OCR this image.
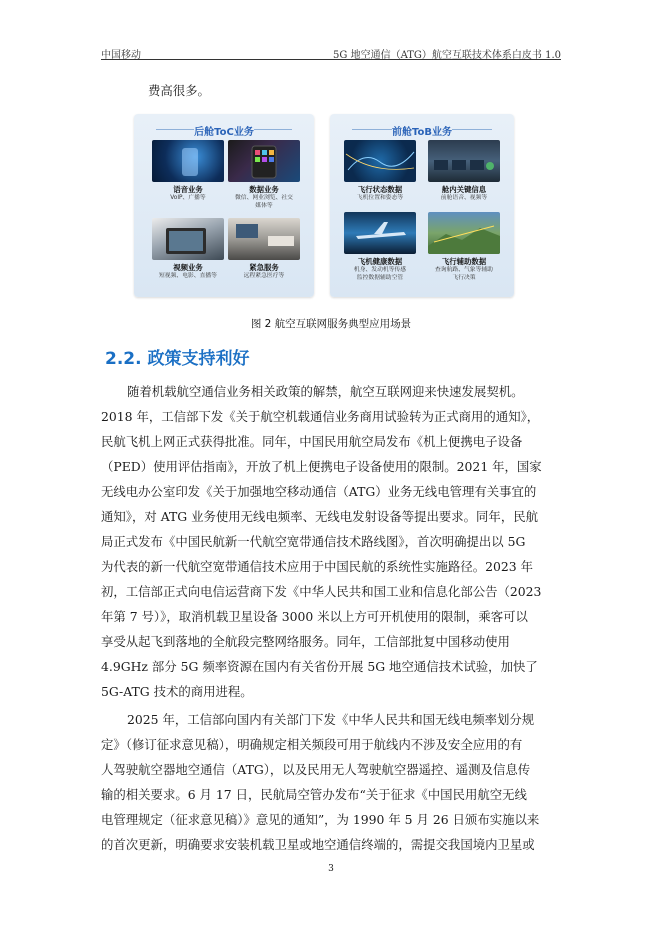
中国移动	5G 地空通信（ATG）航空互联技术体系白皮书 1.0
费高很多。
后舱ToC业务
语音业务
VoIP、广播等
数据业务
微信、网业浏览、社交
媒体等
视频业务
短视频、电影、直播等
紧急服务
远程紧急医疗等
前舱ToB业务
飞行状态数据
飞机位置和姿态等
舱内关键信息
前舱语音、视频等
飞机健康数据
机身、发动机等传感
监控数据辅助空管
飞行辅助数据
查询航路、气象等辅助
飞行决策
图 2 航空互联网服务典型应用场景
2.2. 政策支持利好
随着机载航空通信业务相关政策的解禁，航空互联网迎来快速发展契机。
2018 年，工信部下发《关于航空机载通信业务商用试验转为正式商用的通知》，
民航飞机上网正式获得批准。同年，中国民用航空局发布《机上便携电子设备
（PED）使用评估指南》，开放了机上便携电子设备使用的限制。2021 年，国家
无线电办公室印发《关于加强地空移动通信（ATG）业务无线电管理有关事宜的
通知》，对 ATG 业务使用无线电频率、无线电发射设备等提出要求。同年，民航
局正式发布《中国民航新一代航空宽带通信技术路线图》，首次明确提出以 5G
为代表的新一代航空宽带通信技术应用于中国民航的系统性实施路径。2023 年
初，工信部正式向电信运营商下发《中华人民共和国工业和信息化部公告（2023
年第 7 号）》，取消机载卫星设备 3000 米以上方可开机使用的限制，乘客可以
享受从起飞到落地的全航段完整网络服务。同年，工信部批复中国移动使用
4.9GHz 部分 5G 频率资源在国内有关省份开展 5G 地空通信技术试验，加快了
5G-ATG 技术的商用进程。
2025 年，工信部向国内有关部门下发《中华人民共和国无线电频率划分规
定》（修订征求意见稿），明确规定相关频段可用于航线内不涉及安全应用的有
人驾驶航空器地空通信（ATG），以及民用无人驾驶航空器遥控、遥测及信息传
输的相关要求。6 月 17 日，民航局空管办发布“关于征求《中国民用航空无线
电管理规定（征求意见稿）》意见的通知”，为 1990 年 5 月 26 日颁布实施以来
的首次更新，明确要求安装机载卫星或地空通信终端的，需提交我国境内卫星或
3
